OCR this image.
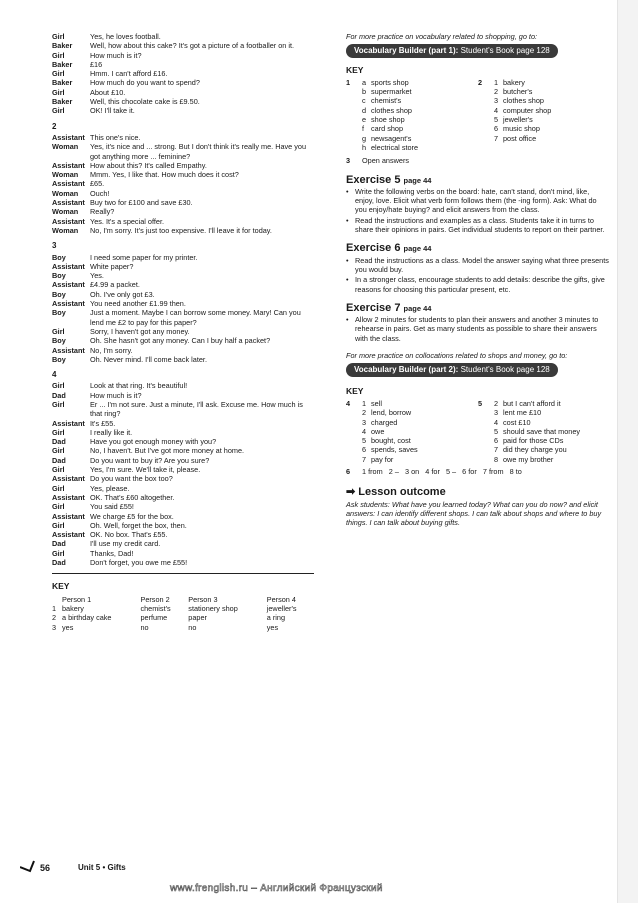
Girl	Yes, he loves football.
Baker	Well, how about this cake? It's got a picture of a footballer on it.
Girl	How much is it?
Baker	£16
Girl	Hmm. I can't afford £16.
Baker	How much do you want to spend?
Girl	About £10.
Baker	Well, this chocolate cake is £9.50.
Girl	OK! I'll take it.
2
Assistant This one's nice.
Woman	Yes, it's nice and ... strong. But I don't think it's really me. Have you got anything more ... feminine?
Assistant How about this? It's called Empathy.
Woman	Mmm. Yes, I like that. How much does it cost?
Assistant £65.
Woman	Ouch!
Assistant Buy two for £100 and save £30.
Woman	Really?
Assistant Yes. It's a special offer.
Woman	No, I'm sorry. It's just too expensive. I'll leave it for today.
3
Boy	I need some paper for my printer.
Assistant White paper?
Boy	Yes.
Assistant £4.99 a packet.
Boy	Oh. I've only got £3.
Assistant You need another £1.99 then.
Boy	Just a moment. Maybe I can borrow some money. Mary! Can you lend me £2 to pay for this paper?
Girl	Sorry, I haven't got any money.
Boy	Oh. She hasn't got any money. Can I buy half a packet?
Assistant No, I'm sorry.
Boy	Oh. Never mind. I'll come back later.
4
Girl	Look at that ring. It's beautiful!
Dad	How much is it?
Girl	Er ... I'm not sure. Just a minute, I'll ask. Excuse me. How much is that ring?
Assistant It's £55.
Girl	I really like it.
Dad	Have you got enough money with you?
Girl	No, I haven't. But I've got more money at home.
Dad	Do you want to buy it? Are you sure?
Girl	Yes, I'm sure. We'll take it, please.
Assistant Do you want the box too?
Girl	Yes, please.
Assistant OK. That's £60 altogether.
Girl	You said £55!
Assistant We charge £5 for the box.
Girl	Oh. Well, forget the box, then.
Assistant OK. No box. That's £55.
Dad	I'll use my credit card.
Girl	Thanks, Dad!
Dad	Don't forget, you owe me £55!
KEY
	Person 1	Person 2	Person 3	Person 4
1	bakery	chemist's	stationery shop	jeweller's
2	a birthday cake	perfume	paper	a ring
3	yes	no	no	yes
For more practice on vocabulary related to shopping, go to:
Vocabulary Builder (part 1): Student's Book page 128
KEY
1	a sports shop
b supermarket
c chemist's
d clothes shop
e shoe shop
f card shop
g newsagent's
h electrical store
2	1 bakery
2 butcher's
3 clothes shop
4 computer shop
5 jeweller's
6 music shop
7 post office
3	Open answers
Exercise 5 page 44
• Write the following verbs on the board: hate, can't stand, don't mind, like, enjoy, love. Elicit what verb form follows them (the -ing form). Ask: What do you enjoy/hate buying? and elicit answers from the class.
• Read the instructions and examples as a class. Students take it in turns to share their opinions in pairs. Get individual students to report on their partner.
Exercise 6 page 44
• Read the instructions as a class. Model the answer saying what three presents you would buy.
• In a stronger class, encourage students to add details: describe the gifts, give reasons for choosing this particular present, etc.
Exercise 7 page 44
• Allow 2 minutes for students to plan their answers and another 3 minutes to rehearse in pairs. Get as many students as possible to share their answers with the class.
For more practice on collocations related to shops and money, go to:
Vocabulary Builder (part 2): Student's Book page 128
KEY
4	1 sell
2 lend, borrow
3 charged
4 owe
5 bought, cost
6 spends, saves
7 pay for
5	2 but I can't afford it
3 lent me £10
4 cost £10
5 should save that money
6 paid for those CDs
7 did they charge you
8 owe my brother
6	1 from   2 –   3 on   4 for   5 –   6 for   7 from   8 to
➡ Lesson outcome
Ask students: What have you learned today? What can you do now? and elicit answers: I can identify different shops. I can talk about shops and where to buy things. I can talk about buying gifts.
56	Unit 5 • Gifts
www.frenglish.ru – Английский Французский
